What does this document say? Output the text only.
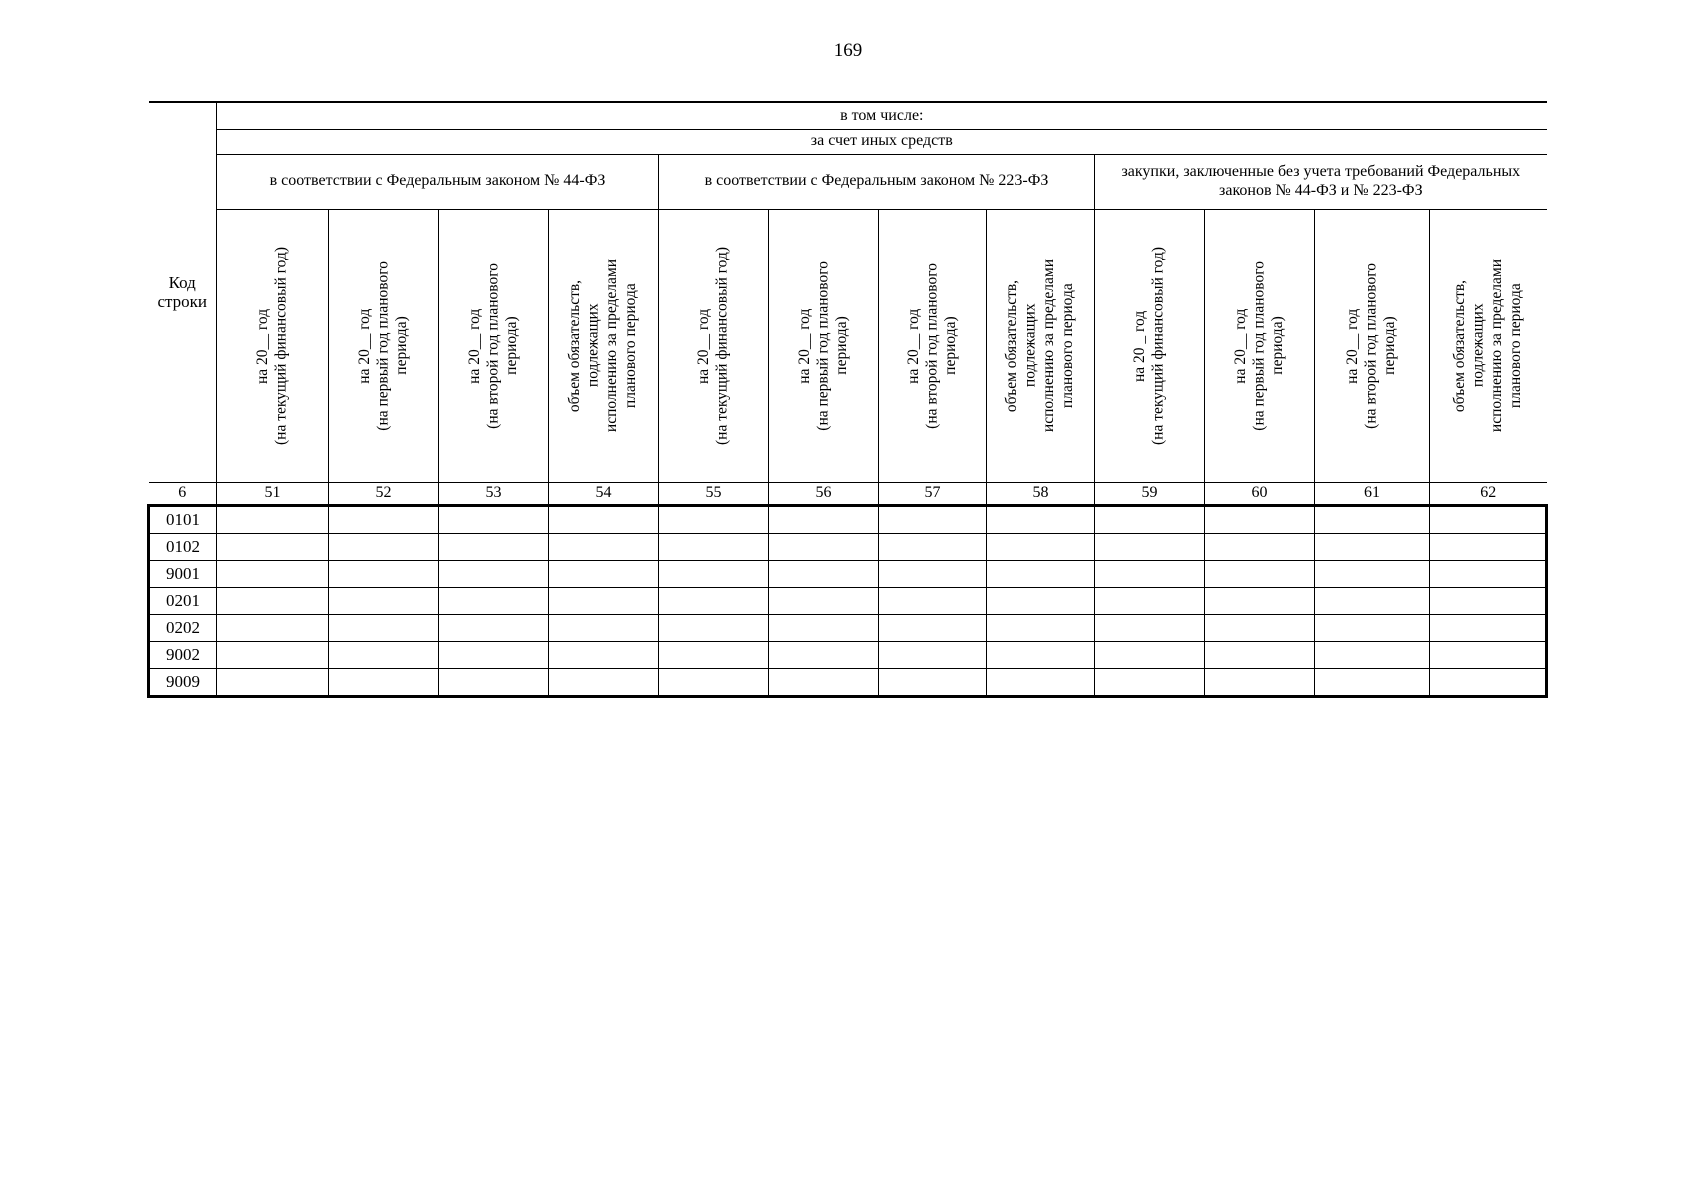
169
Код строки	в том числе:											
	за счет иных средств											

	в соответствии с Федеральным законом № 44-ФЗ				в соответствии с Федеральным законом № 223-ФЗ				закупки, заключенные без учета требований Федеральных законов № 44-ФЗ и № 223-ФЗ			

	на 20__ год (на текущий финансовый год)	на 20__ год (на первый год планового периода)	на 20__ год (на второй год планового периода)	объем обязательств, подлежащих исполнению за пределами планового периода	на 20__ год (на текущий финансовый год)	на 20__ год (на первый год планового периода)	на 20__ год (на второй год планового периода)	объем обязательств, подлежащих исполнению за пределами планового периода	на 20 _ год (на текущий финансовый год)	на 20__ год (на первый год планового периода)	на 20__ год (на второй год планового периода)	объем обязательств, подлежащих исполнению за пределами планового периода

6	51	52	53	54	55	56	57	58	59	60	61	62
0101												
0102												
9001												
0201												
0202												
9002												
9009												
